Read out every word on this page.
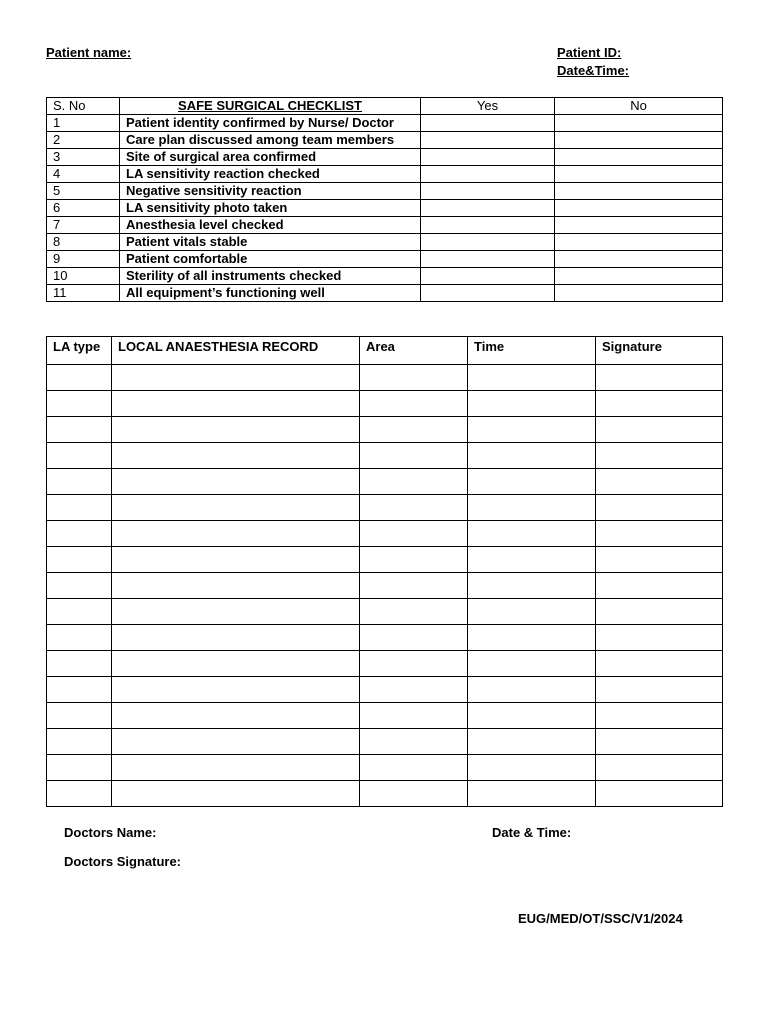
Patient name:	Patient ID:
Date&Time:
S. No	SAFE SURGICAL CHECKLIST	Yes	No
1	Patient identity confirmed by Nurse/ Doctor		
2	Care plan discussed among team members		
3	Site of surgical area confirmed		
4	LA sensitivity reaction checked		
5	Negative sensitivity reaction		
6	LA sensitivity photo taken		
7	Anesthesia level checked		
8	Patient vitals stable		
9	Patient comfortable		
10	Sterility of all instruments checked		
11	All equipment’s functioning well		
LA type	LOCAL ANAESTHESIA RECORD	Area	Time	Signature

Doctors Name:	Date & Time:
Doctors Signature:
EUG/MED/OT/SSC/V1/2024
